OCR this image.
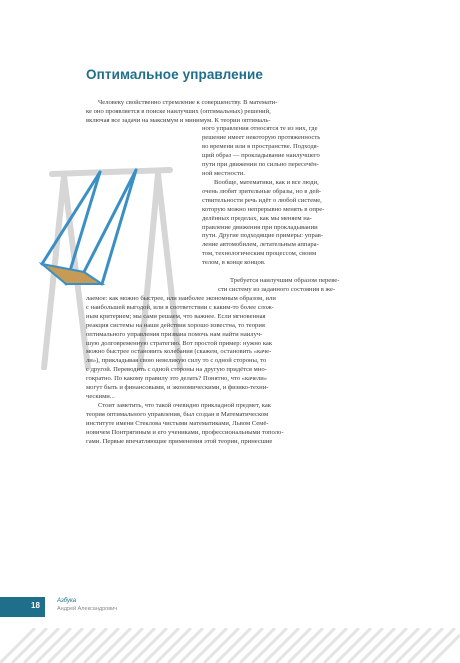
Оптимальное управление

Человеку свойственно стремление к совершенству. В математи-

ке оно проявляется в поиске наилучших (оптимальных) решений,

включая все задачи на максимум и минимум. К теории оптималь-

ного управления относятся те из них, где

решение имеет некоторую протяженность

во времени или в пространстве. Подходя-

щий образ — прокладывание наилучшего

пути при движении по сильно пересечён-

ной местности.

Вообще, математики, как и все люди,

очень любят зрительные образы, но в дей-

ствительности речь идёт о любой системе,

которую можно непрерывно менять в опре-

делённых пределах, как мы меняем на-

правление движения при прокладывании

пути. Другие подходящие примеры: управ-

ление автомобилем, летательным аппара-

том, технологическим процессом, своим

телом, в конце концов.

Требуется наилучшим образом переве-

сти систему из заданного состояния в же-

лаемое: как можно быстрее, или наиболее экономным образом, или

с наибольшей выгодой, или в соответствии с каким-то более слож-

ным критерием; мы сами решаем, что важнее. Если мгновенная

реакция системы на наши действия хорошо известна, то теория

оптимального управления призвана помочь нам найти наилуч-

шую долговременную стратегию. Вот простой пример: нужно как

можно быстрее остановить колебания (скажем, остановить «каче-

ли»), прикладывая свою невеликую силу то с одной стороны, то

с другой. Переводить с одной стороны на другую придётся мно-

гократно. По какому правилу это делать? Понятно, что «качели»

могут быть и финансовыми, и экономическими, и физико-техни-

ческими...

Стоит заметить, что такой очевидно прикладной предмет, как

теория оптимального управления, был создан в Математическом

институте имени Стеклова чистыми математиками, Львом Семё-

новичем Понтрягиным и его учениками, профессиональными тополо-

гами. Первые впечатляющие применения этой теории, принесшие

18	Азбука
Андрей Александрович
